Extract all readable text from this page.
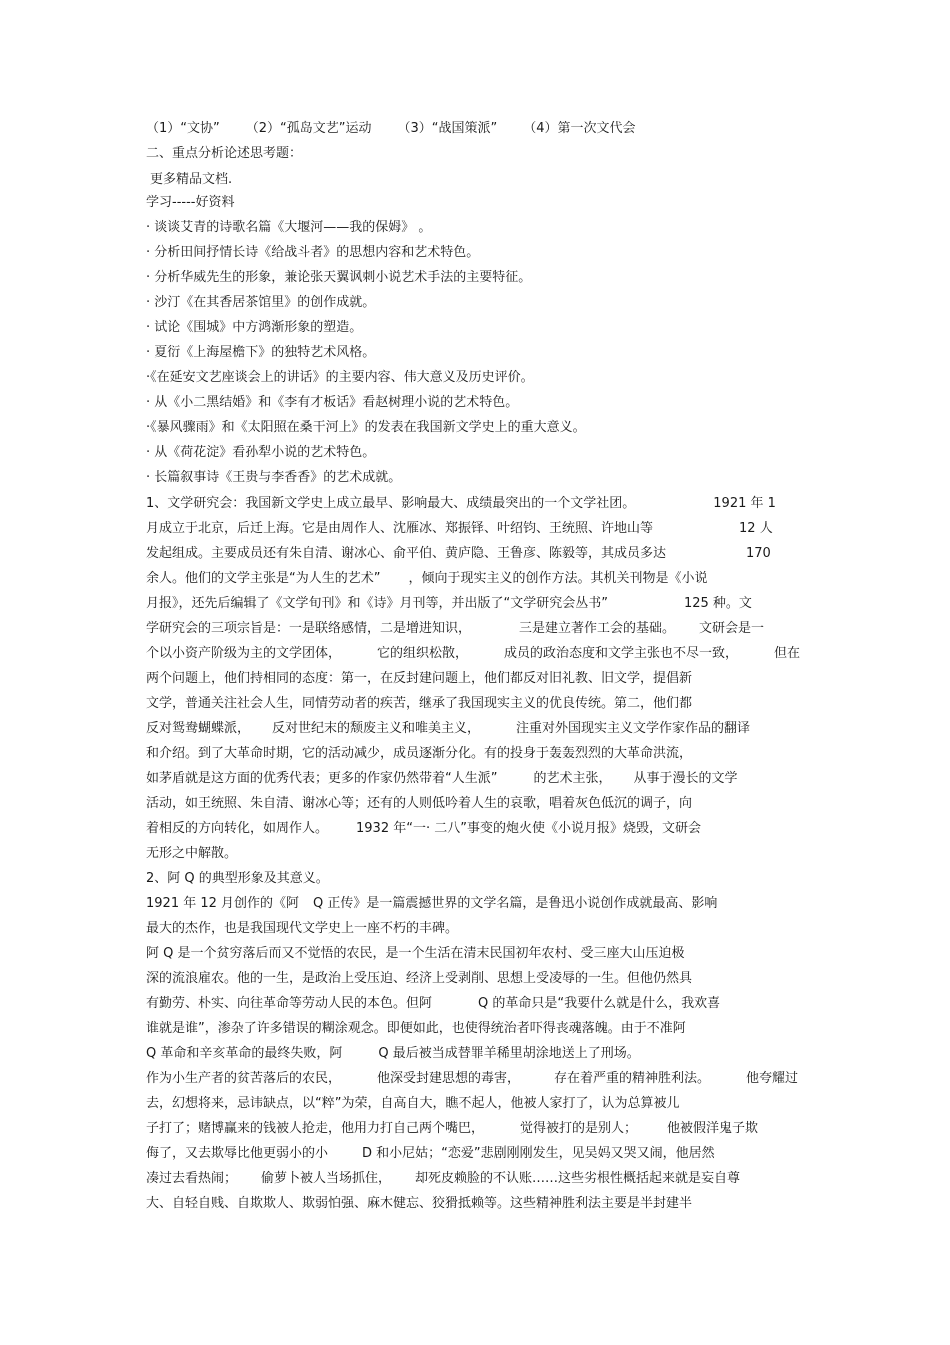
（1）“文协” （2）“孤岛文艺”运动 （3）“战国策派” （4）第一次文代会
二、重点分析论述思考题：
更多精品文档.
学习-----好资料
· 谈谈艾青的诗歌名篇《大堰河——我的保姆》 。
· 分析田间抒情长诗《给战斗者》的思想内容和艺术特色。
· 分析华威先生的形象，兼论张天翼讽刺小说艺术手法的主要特征。
· 沙汀《在其香居茶馆里》的创作成就。
· 试论《围城》中方鸿渐形象的塑造。
· 夏衍《上海屋檐下》的独特艺术风格。
·《在延安文艺座谈会上的讲话》的主要内容、伟大意义及历史评价。
· 从《小二黑结婚》和《李有才板话》看赵树理小说的艺术特色。
·《暴风骤雨》和《太阳照在桑干河上》的发表在我国新文学史上的重大意义。
· 从《荷花淀》看孙犁小说的艺术特色。
· 长篇叙事诗《王贵与李香香》的艺术成就。
1、文学研究会：我国新文学史上成立最早、影响最大、成绩最突出的一个文学社团。	1921 年 1
月成立于北京，后迁上海。它是由周作人、沈雁冰、郑振铎、叶绍钧、王统照、许地山等	12 人
发起组成。主要成员还有朱自清、谢冰心、俞平伯、黄庐隐、王鲁彦、陈毅等，其成员多达	170
余人。他们的文学主张是“为人生的艺术” ，倾向于现实主义的创作方法。其机关刊物是《小说
月报》，还先后编辑了《文学旬刊》和《诗》月刊等，并出版了“文学研究会丛书”	125 种。文
学研究会的三项宗旨是：一是联络感情，二是增进知识，	三是建立著作工会的基础。 文研会是一
个以小资产阶级为主的文学团体，	它的组织松散，	成员的政治态度和文学主张也不尽一致，	但在
两个问题上，他们持相同的态度：第一，在反封建问题上，他们都反对旧礼教、旧文学，提倡新
文学，普通关注社会人生，同情劳动者的疾苦，继承了我国现实主义的优良传统。第二，他们都
反对鸳鸯蝴蝶派， 反对世纪末的颓废主义和唯美主义，	注重对外国现实主义文学作家作品的翻译
和介绍。到了大革命时期，它的活动减少，成员逐渐分化。有的投身于轰轰烈烈的大革命洪流，
如茅盾就是这方面的优秀代表；更多的作家仍然带着“人生派”	的艺术主张， 从事于漫长的文学
活动，如王统照、朱自清、谢冰心等；还有的人则低吟着人生的哀歌，唱着灰色低沉的调子，向
着相反的方向转化，如周作人。 1932 年“一· 二八”事变的炮火使《小说月报》烧毁，文研会
无形之中解散。
2、阿 Q 的典型形象及其意义。
1921 年 12 月创作的《阿 Q 正传》是一篇震撼世界的文学名篇，是鲁迅小说创作成就最高、影响
最大的杰作，也是我国现代文学史上一座不朽的丰碑。
阿 Q 是一个贫穷落后而又不觉悟的农民，是一个生活在清末民国初年农村、受三座大山压迫极
深的流浪雇农。他的一生，是政治上受压迫、经济上受剥削、思想上受凌辱的一生。但他仍然具
有勤劳、朴实、向往革命等劳动人民的本色。但阿	Q 的革命只是“我要什么就是什么，我欢喜
谁就是谁”，渗杂了许多错误的糊涂观念。即便如此，也使得统治者吓得丧魂落魄。由于不准阿
Q 革命和辛亥革命的最终失败，阿	Q 最后被当成替罪羊稀里胡涂地送上了刑场。
作为小生产者的贫苦落后的农民，	他深受封建思想的毒害，	存在着严重的精神胜利法。	他夸耀过
去，幻想将来，忌讳缺点，以“粹”为荣，自高自大，瞧不起人，他被人家打了，认为总算被儿
子打了；赌博赢来的钱被人抢走，他用力打自己两个嘴巴，	觉得被打的是别人； 他被假洋鬼子欺
侮了，又去欺辱比他更弱小的小	D 和小尼姑；“恋爱”悲剧刚刚发生，见吴妈又哭又闹，他居然
凑过去看热闹； 偷萝卜被人当场抓住， 却死皮赖脸的不认账……这些劣根性概括起来就是妄自尊
大、自轻自贱、自欺欺人、欺弱怕强、麻木健忘、狡猾抵赖等。这些精神胜利法主要是半封建半
